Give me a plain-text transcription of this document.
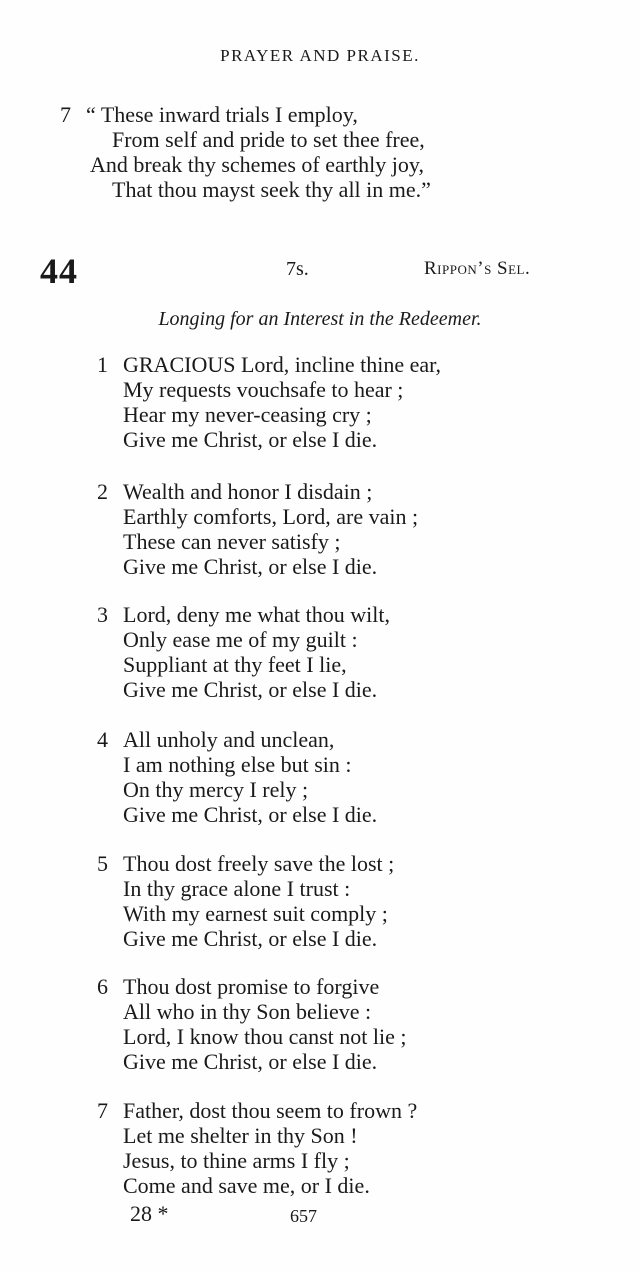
PRAYER AND PRAISE.
7 “ These inward trials I employ,
From self and pride to set thee free,
And break thy schemes of earthly joy,
That thou mayst seek thy all in me.”
44	7s.	Rippon’s Sel.
Longing for an Interest in the Redeemer.
1 GRACIOUS Lord, incline thine ear,
My requests vouchsafe to hear ;
Hear my never-ceasing cry ;
Give me Christ, or else I die.
2 Wealth and honor I disdain ;
Earthly comforts, Lord, are vain ;
These can never satisfy ;
Give me Christ, or else I die.
3 Lord, deny me what thou wilt,
Only ease me of my guilt :
Suppliant at thy feet I lie,
Give me Christ, or else I die.
4 All unholy and unclean,
I am nothing else but sin :
On thy mercy I rely ;
Give me Christ, or else I die.
5 Thou dost freely save the lost ;
In thy grace alone I trust :
With my earnest suit comply ;
Give me Christ, or else I die.
6 Thou dost promise to forgive
All who in thy Son believe :
Lord, I know thou canst not lie ;
Give me Christ, or else I die.
7 Father, dost thou seem to frown ?
Let me shelter in thy Son !
Jesus, to thine arms I fly ;
Come and save me, or I die.
28 *	657
